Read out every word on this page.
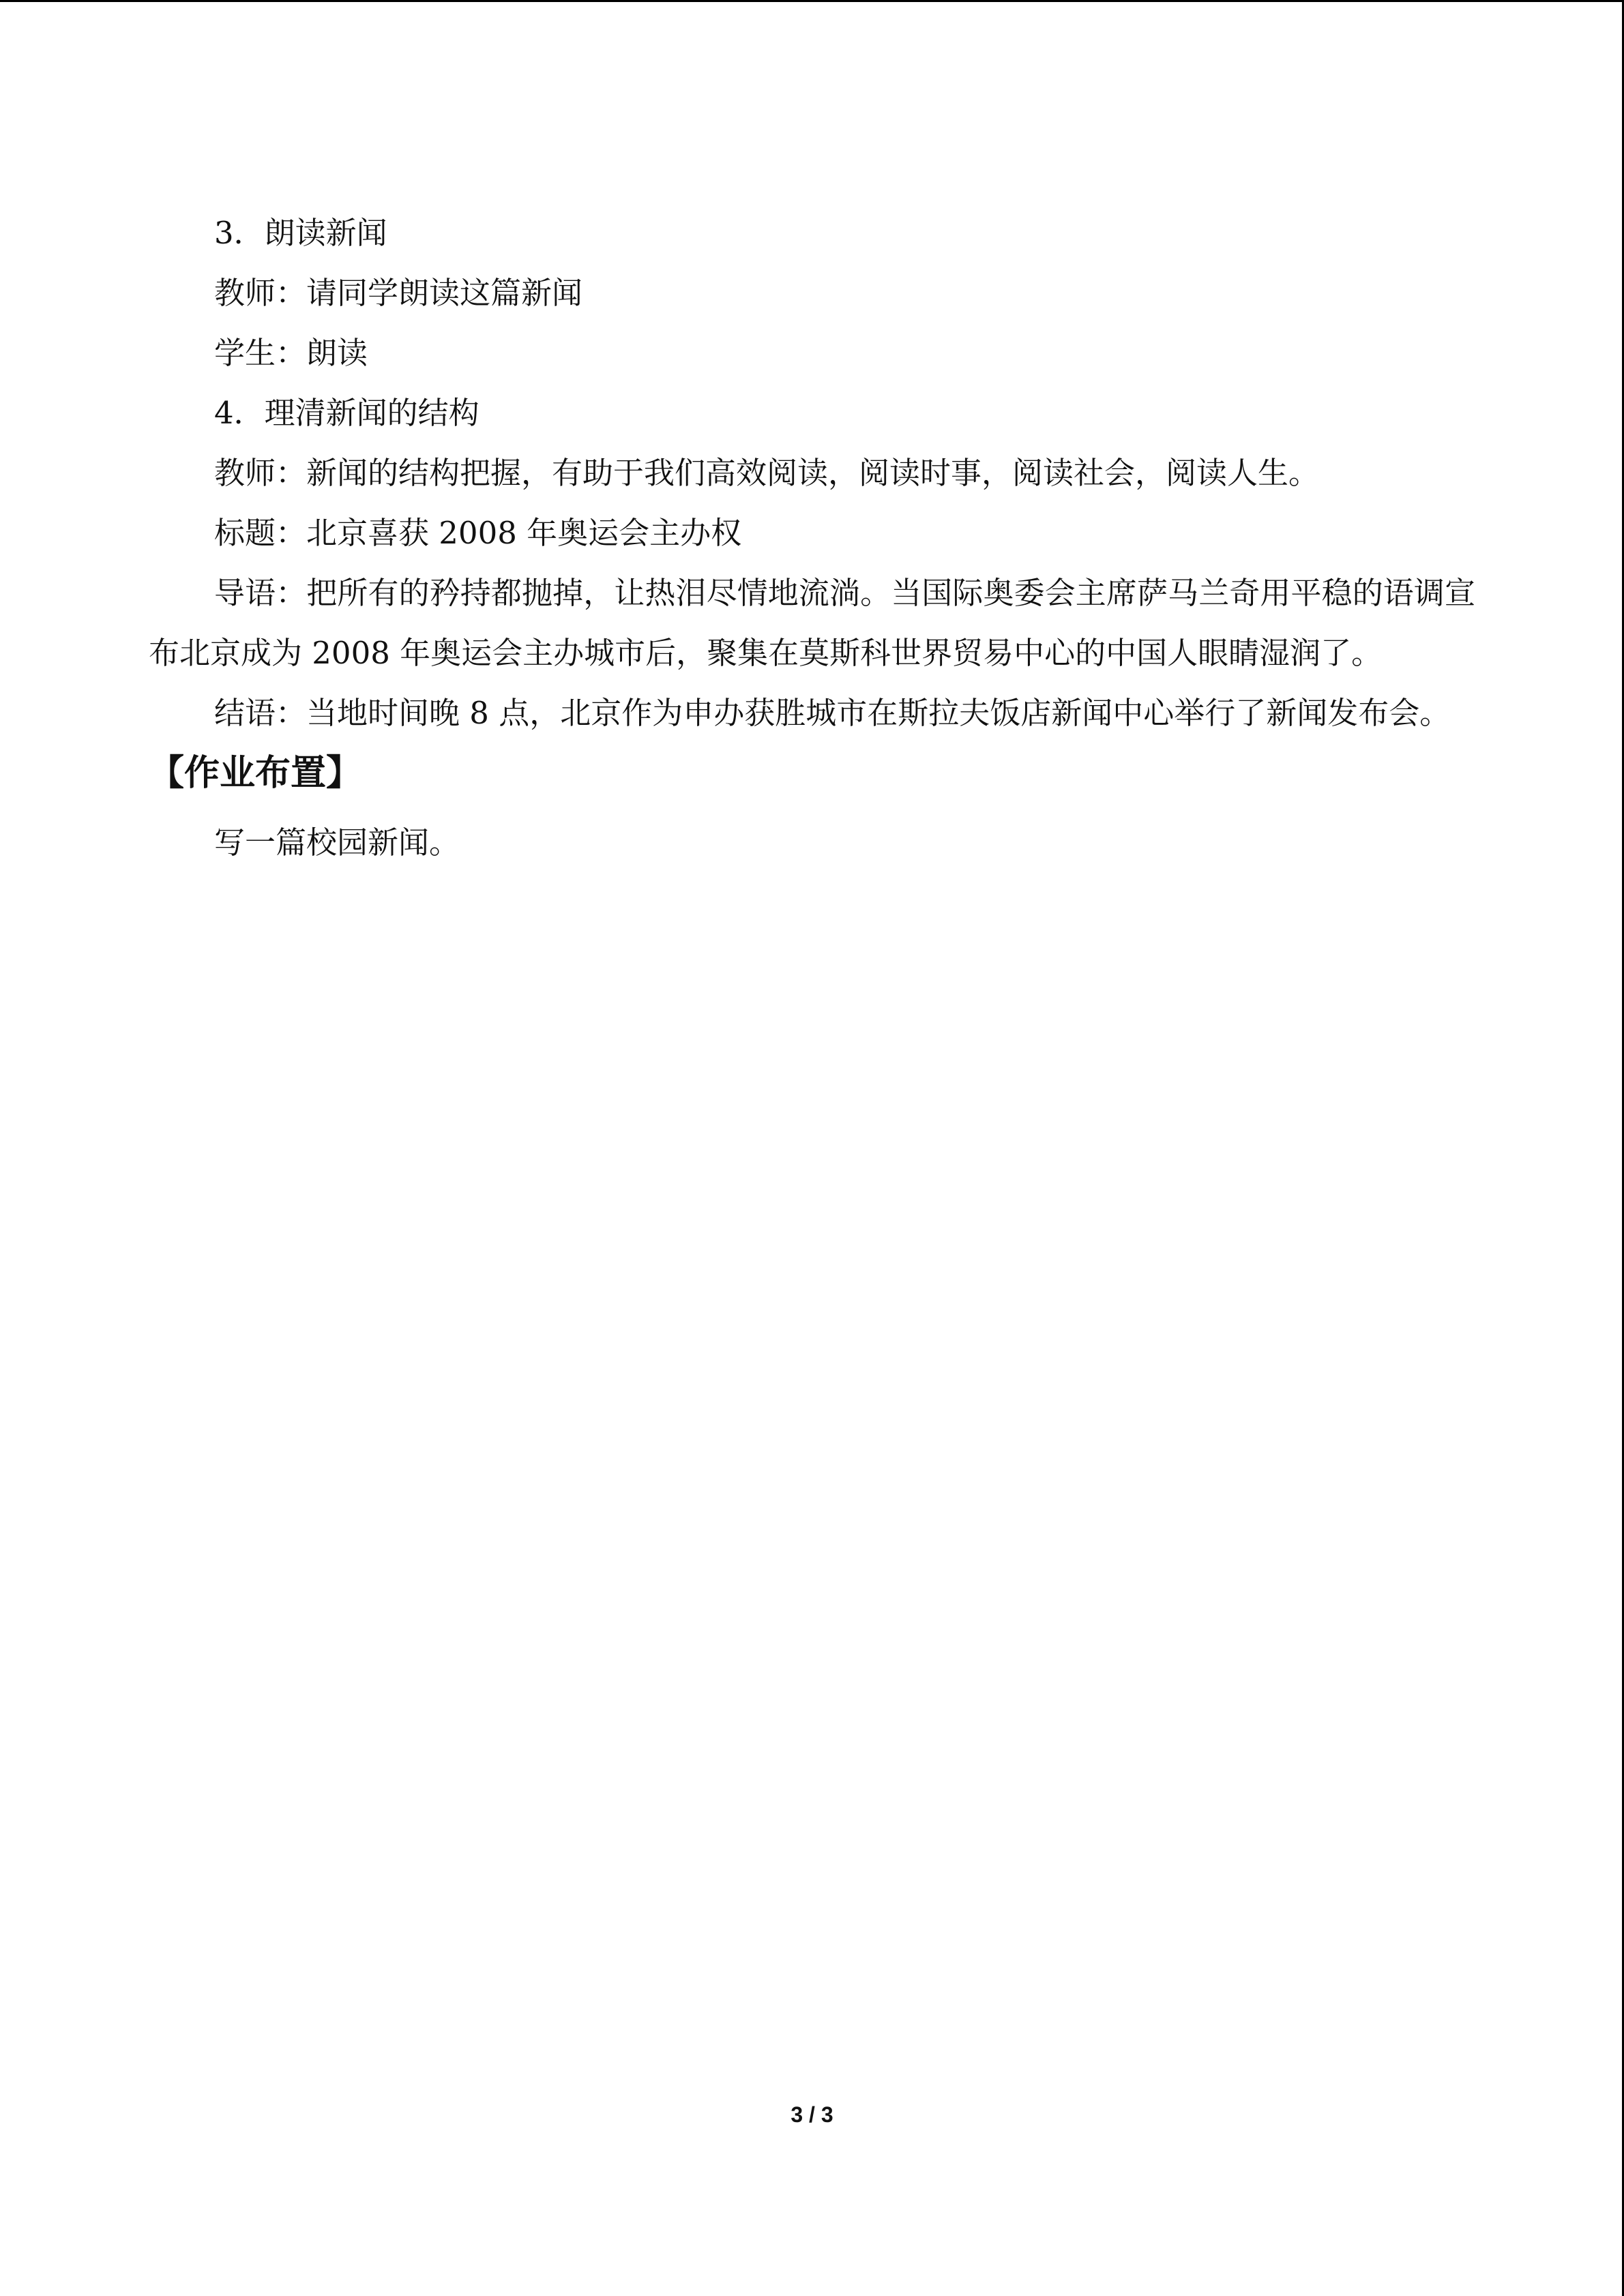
3．朗读新闻

教师：请同学朗读这篇新闻

学生：朗读

4．理清新闻的结构

教师：新闻的结构把握，有助于我们高效阅读，阅读时事，阅读社会，阅读人生。

标题：北京喜获 2008 年奥运会主办权

导语：把所有的矜持都抛掉，让热泪尽情地流淌。当国际奥委会主席萨马兰奇用平稳的语调宣布北京成为 2008 年奥运会主办城市后，聚集在莫斯科世界贸易中心的中国人眼睛湿润了。

结语：当地时间晚 8 点，北京作为申办获胜城市在斯拉夫饭店新闻中心举行了新闻发布会。

【作业布置】

写一篇校园新闻。

3 / 3
